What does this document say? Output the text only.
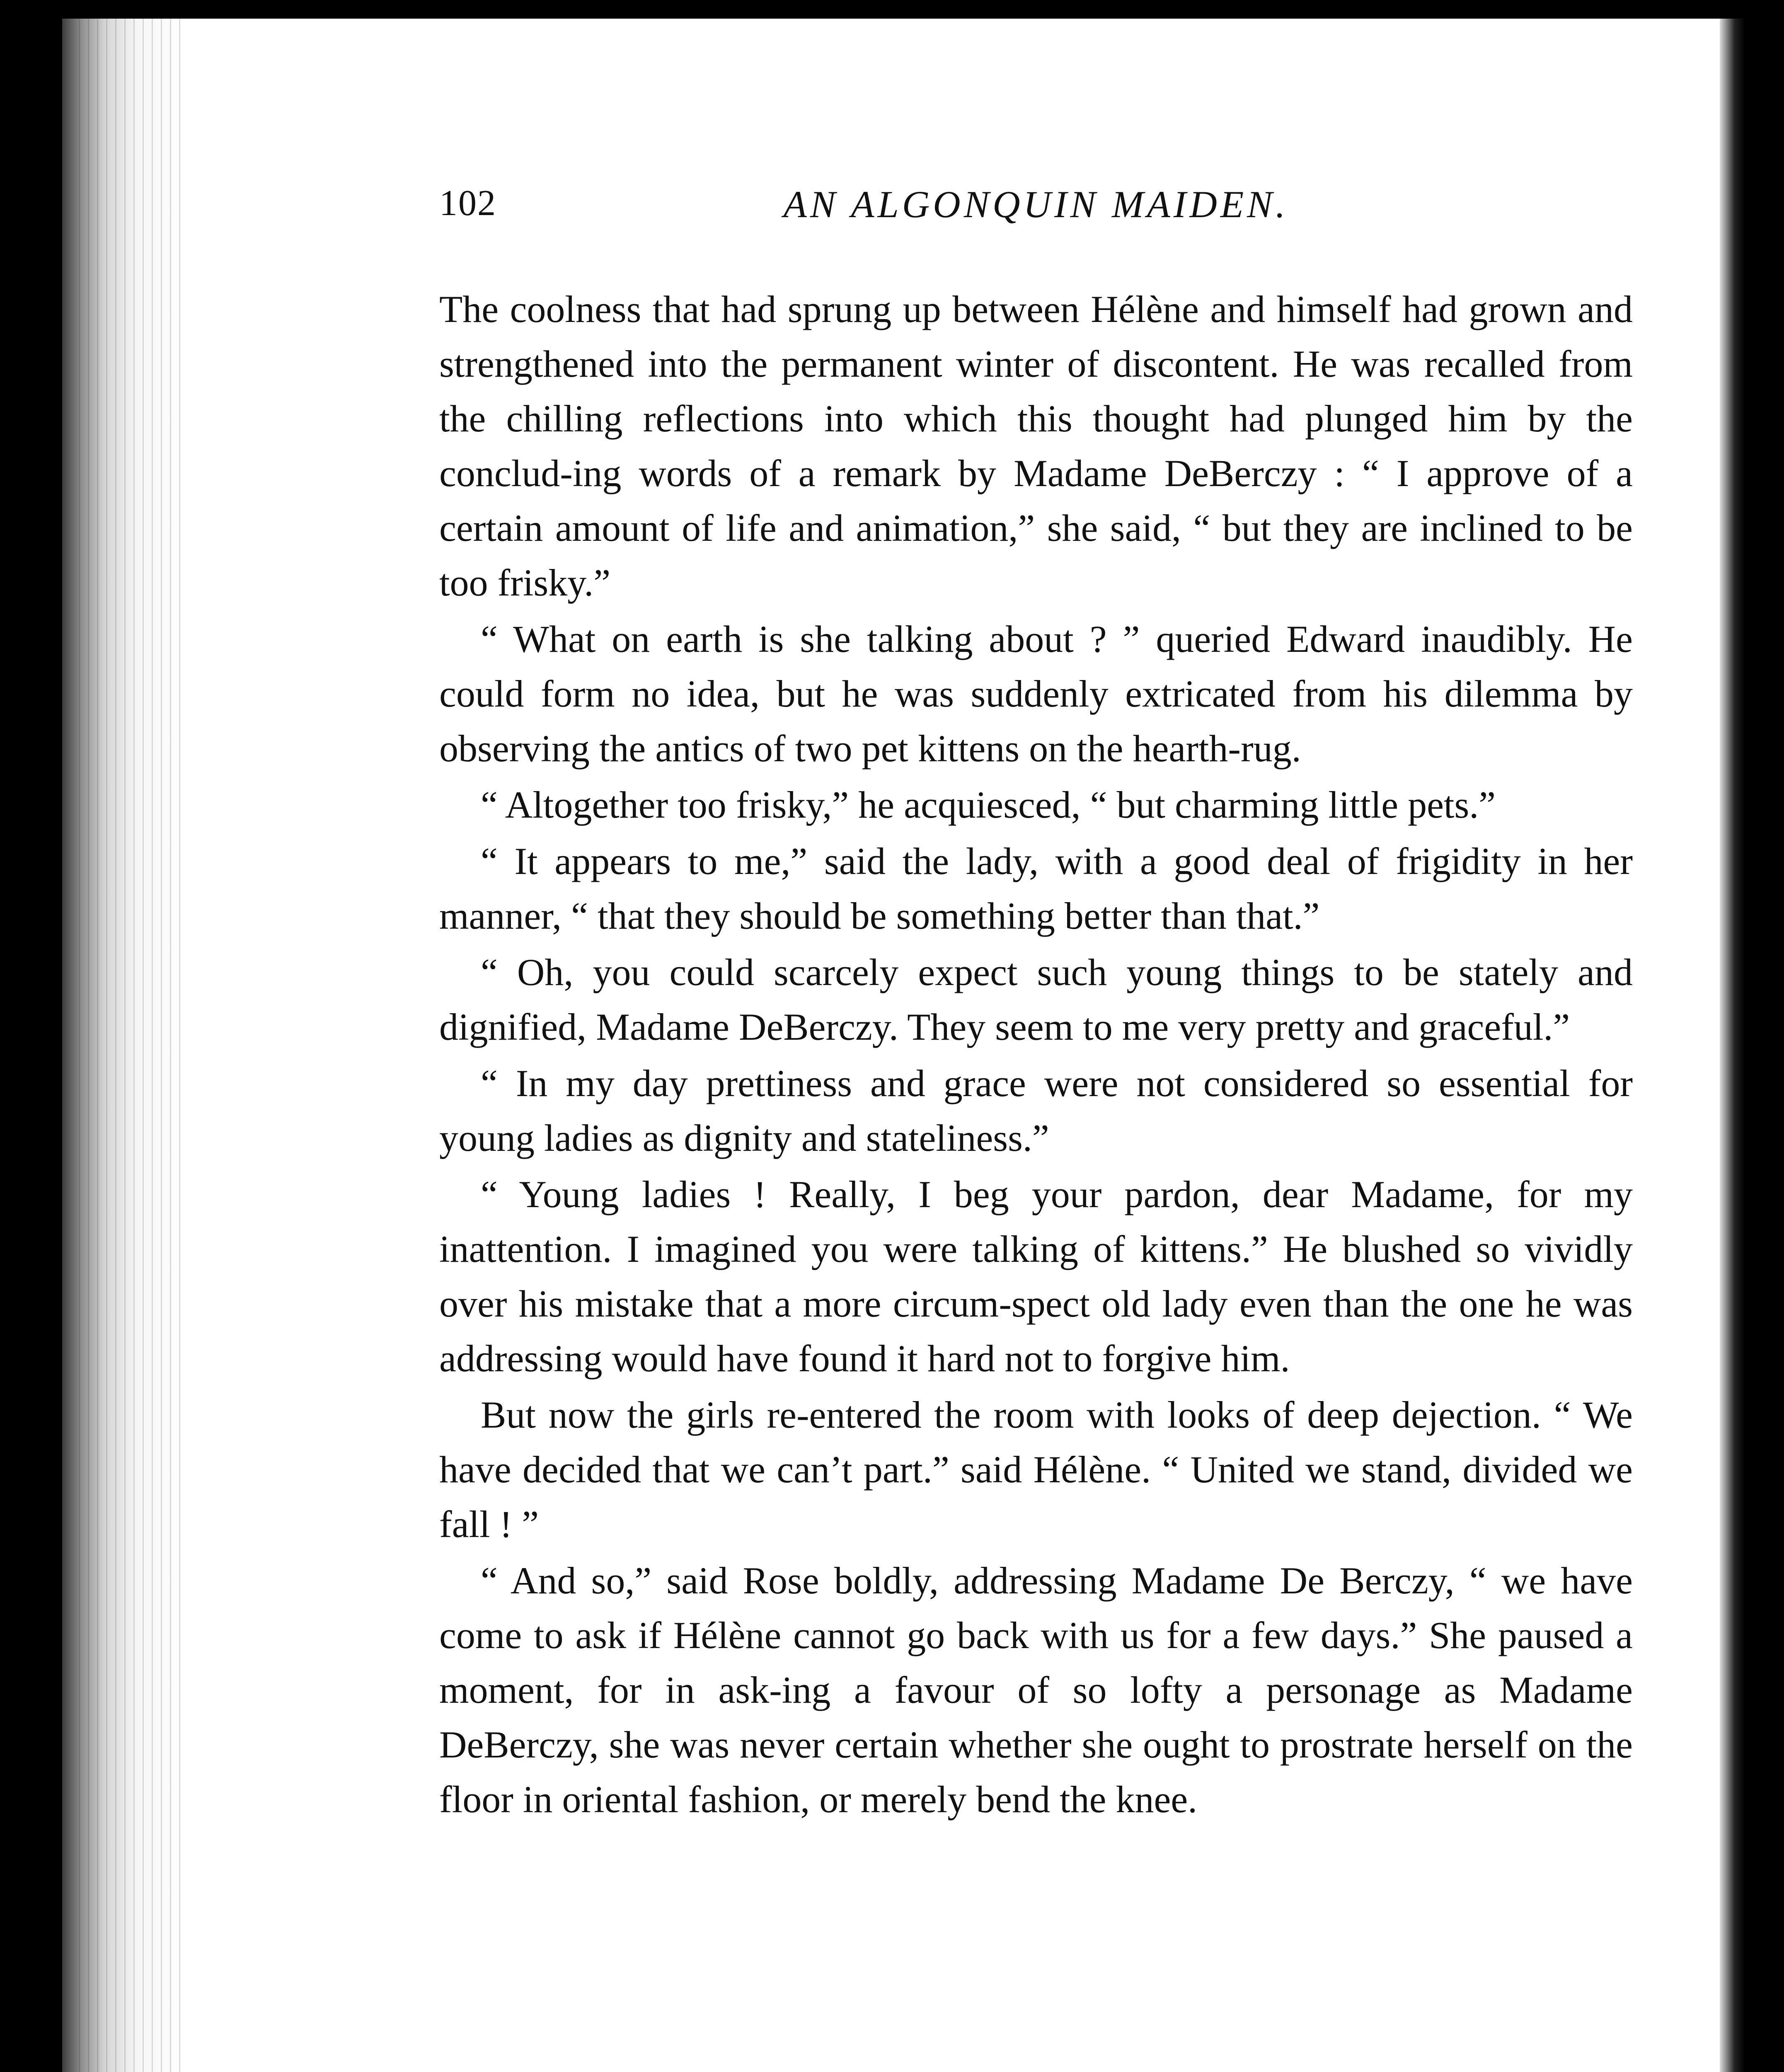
102	AN ALGONQUIN MAIDEN.

The coolness that had sprung up between Hélène and himself had grown and strengthened into the permanent winter of discontent. He was recalled from the chilling reflections into which this thought had plunged him by the conclud-ing words of a remark by Madame DeBerczy : “ I approve of a certain amount of life and animation,” she said, “ but they are inclined to be too frisky.”

“ What on earth is she talking about ? ” queried Edward inaudibly. He could form no idea, but he was suddenly extricated from his dilemma by observing the antics of two pet kittens on the hearth-rug.

“ Altogether too frisky,” he acquiesced, “ but charming little pets.”

“ It appears to me,” said the lady, with a good deal of frigidity in her manner, “ that they should be something better than that.”

“ Oh, you could scarcely expect such young things to be stately and dignified, Madame DeBerczy. They seem to me very pretty and graceful.”

“ In my day prettiness and grace were not considered so essential for young ladies as dignity and stateliness.”

“ Young ladies ! Really, I beg your pardon, dear Madame, for my inattention. I imagined you were talking of kittens.” He blushed so vividly over his mistake that a more circum-spect old lady even than the one he was addressing would have found it hard not to forgive him.

But now the girls re-entered the room with looks of deep dejection. “ We have decided that we can’t part.” said Hélène. “ United we stand, divided we fall ! ”

“ And so,” said Rose boldly, addressing Madame De Berczy, “ we have come to ask if Hélène cannot go back with us for a few days.” She paused a moment, for in ask-ing a favour of so lofty a personage as Madame DeBerczy, she was never certain whether she ought to prostrate herself on the floor in oriental fashion, or merely bend the knee.
